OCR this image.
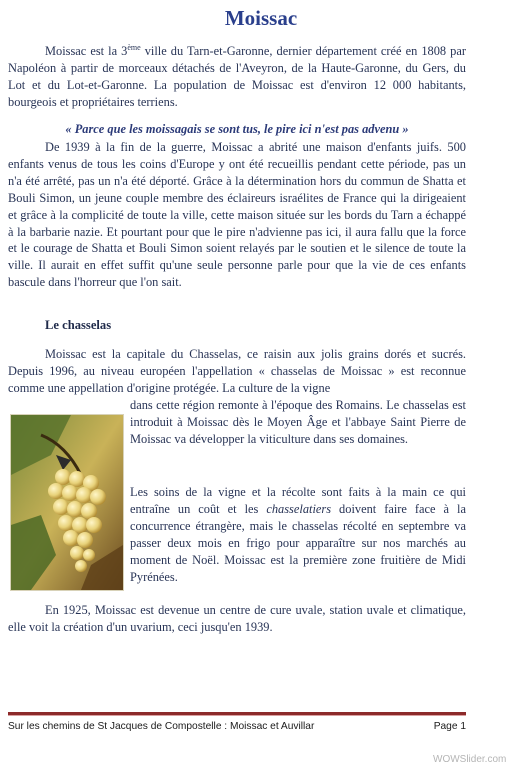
Moissac
Moissac est la 3ème ville du Tarn-et-Garonne, dernier département créé en 1808 par Napoléon à partir de morceaux détachés de l'Aveyron, de la Haute-Garonne, du Gers, du Lot et du Lot-et-Garonne. La population de Moissac est d'environ 12 000 habitants, bourgeois et propriétaires terriens.
« Parce que les moissagais se sont tus, le pire ici n'est pas advenu »
De 1939 à la fin de la guerre, Moissac a abrité une maison d'enfants juifs. 500 enfants venus de tous les coins d'Europe y ont été recueillis pendant cette période, pas un n'a été arrêté, pas un n'a été déporté. Grâce à la détermination hors du commun de Shatta et Bouli Simon, un jeune couple membre des éclaireurs israélites de France qui la dirigeaient et grâce à la complicité de toute la ville, cette maison située sur les bords du Tarn a échappé à la barbarie nazie. Et pourtant pour que le pire n'advienne pas ici, il aura fallu que la force et le courage de Shatta et Bouli Simon soient relayés par le soutien et le silence de toute la ville. Il aurait en effet suffit qu'une seule personne parle pour que la vie de ces enfants bascule dans l'horreur que l'on sait.
Le chasselas
Moissac est la capitale du Chasselas, ce raisin aux jolis grains dorés et sucrés. Depuis 1996, au niveau européen l'appellation « chasselas de Moissac » est reconnue comme une appellation d'origine protégée. La culture de la vigne
dans cette région remonte à l'époque des Romains. Le chasselas est introduit à Moissac dès le Moyen Âge et l'abbaye Saint Pierre de Moissac va développer la viticulture dans ses domaines.
Les soins de la vigne et la récolte sont faits à la main ce qui entraîne un coût et les chasselatiers doivent faire face à la concurrence étrangère, mais le chasselas récolté en septembre va passer deux mois en frigo pour apparaître sur nos marchés au moment de Noël. Moissac est la première zone fruitière de Midi Pyrénées.
En 1925, Moissac est devenue un centre de cure uvale, station uvale et climatique, elle voit la création d'un uvarium, ceci jusqu'en 1939.
Sur les chemins de St Jacques de Compostelle : Moissac et Auvillar	Page 1
WOWSlider.com
